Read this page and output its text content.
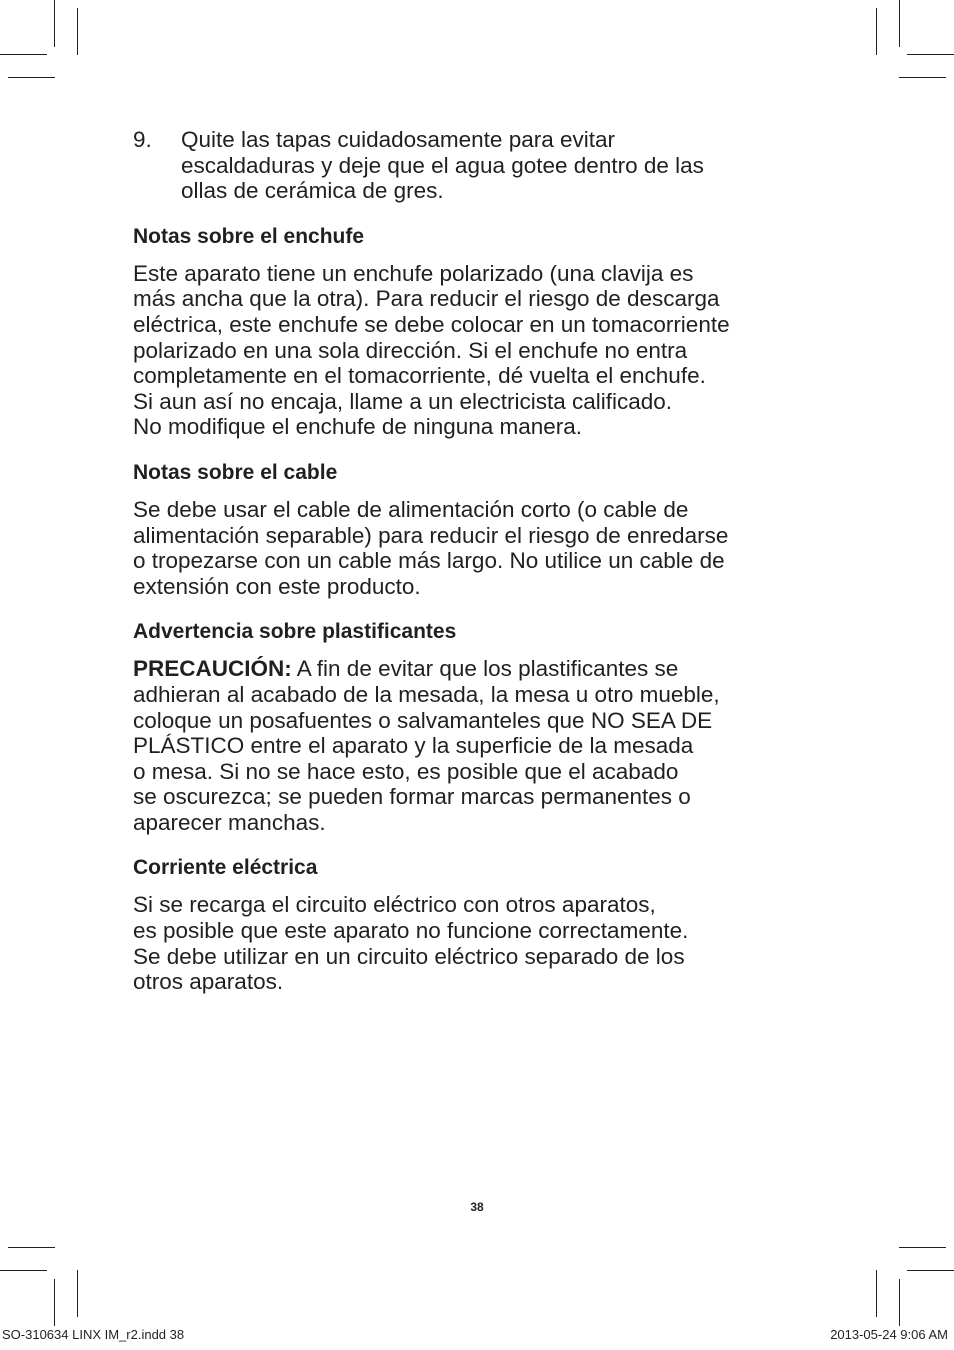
9.	Quite las tapas cuidadosamente para evitar
escaldaduras y deje que el agua gotee dentro de las
ollas de cerámica de gres.
Notas sobre el enchufe

Este aparato tiene un enchufe polarizado (una clavija es
más ancha que la otra). Para reducir el riesgo de descarga
eléctrica, este enchufe se debe colocar en un tomacorriente
polarizado en una sola dirección. Si el enchufe no entra
completamente en el tomacorriente, dé vuelta el enchufe.
Si aun así no encaja, llame a un electricista calificado.
No modifique el enchufe de ninguna manera.

Notas sobre el cable

Se debe usar el cable de alimentación corto (o cable de
alimentación separable) para reducir el riesgo de enredarse
o tropezarse con un cable más largo. No utilice un cable de
extensión con este producto.

Advertencia sobre plastificantes

PRECAUCIÓN: A fin de evitar que los plastificantes se
adhieran al acabado de la mesada, la mesa u otro mueble,
coloque un posafuentes o salvamanteles que NO SEA DE
PLÁSTICO entre el aparato y la superficie de la mesada
o mesa. Si no se hace esto, es posible que el acabado
se oscurezca; se pueden formar marcas permanentes o
aparecer manchas.

Corriente eléctrica

Si se recarga el circuito eléctrico con otros aparatos,
es posible que este aparato no funcione correctamente.
Se debe utilizar en un circuito eléctrico separado de los
otros aparatos.

38
SO-310634 LINX IM_r2.indd 38	2013-05-24 9:06 AM
